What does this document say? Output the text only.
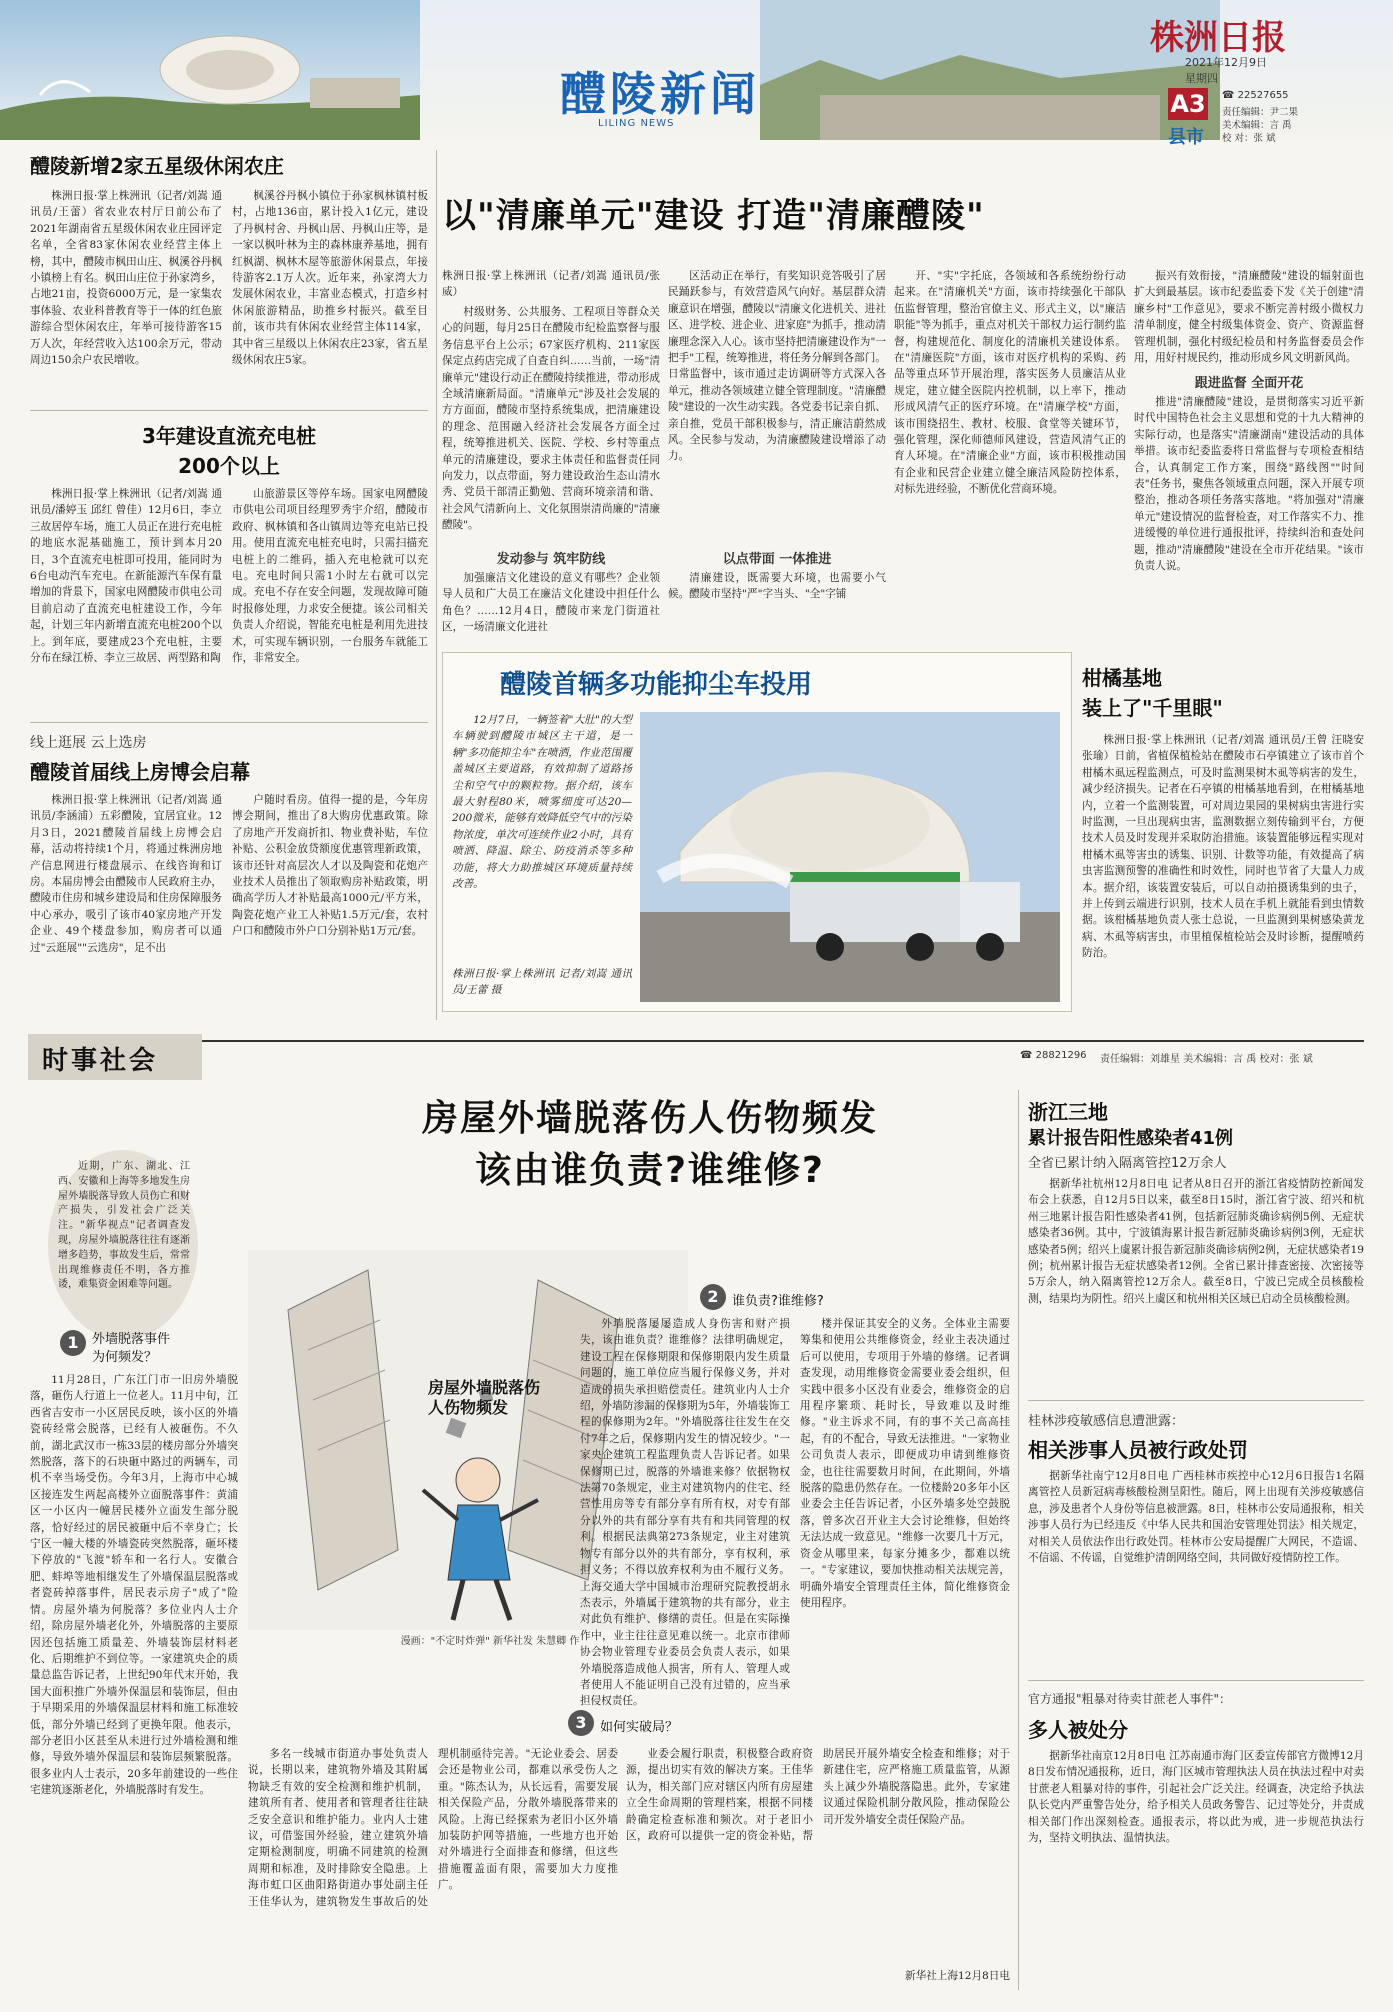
醴陵新闻
LILING NEWS
株洲日报
2021年12月9日
星期四
A3
县市
☎ 22527655
责任编辑：尹二果
美术编辑：言 禹
校 对：张 斌
醴陵新增2家五星级休闲农庄
株洲日报·掌上株洲讯（记者/刘嵩 通讯员/王蕾）省农业农村厅日前公布了2021年湖南省五星级休闲农业庄园评定名单，全省83家休闲农业经营主体上榜，其中，醴陵市枫田山庄、枫溪谷丹枫小镇榜上有名。枫田山庄位于孙家湾乡，占地21亩，投资6000万元，是一家集农事体验、农业科普教育等于一体的红色旅游综合型休闲农庄，年举可接待游客15万人次，年经营收入达100余万元，带动周边150余户农民增收。
枫溪谷丹枫小镇位于孙家枫林镇村板村，占地136亩，累计投入1亿元，建设了丹枫村舍、丹枫山居、丹枫山庄等，是一家以枫叶林为主的森林康养基地，拥有红枫湖、枫林木屋等旅游休闲景点，年接待游客2.1万人次。近年来，孙家湾大力发展休闲农业，丰富业态模式，打造乡村休闲旅游精品，助推乡村振兴。截至目前，该市共有休闲农业经营主体114家，其中省三星级以上休闲农庄23家，省五星级休闲农庄5家。
3年建设直流充电桩
200个以上
株洲日报·掌上株洲讯（记者/刘嵩 通讯员/潘婷玉 邱红 曾佳）12月6日，李立三故居停车场，施工人员正在进行充电桩的地底水泥基础施工，预计到本月20日，3个直流充电桩即可投用，能同时为6台电动汽车充电。在新能源汽车保有量增加的背景下，国家电网醴陵市供电公司目前启动了直流充电桩建设工作，今年起，计划三年内新增直流充电桩200个以上。到年底，要建成23个充电桩，主要分布在绿江桥、李立三故居、两型路和陶
山旅游景区等停车场。国家电网醴陵市供电公司项目经理罗秀宇介绍，醴陵市政府、枫林镇和各山镇周边等充电站已投用。使用直流充电桩充电时，只需扫描充电桩上的二维码，插入充电枪就可以充电。充电时间只需1小时左右就可以完成。充电不存在安全问题，发现故障可随时报修处理，力求安全便捷。该公司相关负责人介绍说，智能充电桩是利用先进技术，可实现车辆识别，一台服务车就能工作，非常安全。
线上逛展 云上选房
醴陵首届线上房博会启幕
株洲日报·掌上株洲讯（记者/刘嵩 通讯员/李涵浦）五彩醴陵，宜居宜业。12月3日，2021醴陵首届线上房博会启幕，活动将持续1个月，将通过株洲房地产信息网进行楼盘展示、在线咨询和订房。本届房博会由醴陵市人民政府主办，醴陵市住房和城乡建设局和住房保障服务中心承办，吸引了该市40家房地产开发企业、49个楼盘参加，购房者可以通过"云逛展""云选房"，足不出
户随时看房。值得一提的是，今年房博会期间，推出了8大购房优惠政策。除了房地产开发商折扣、物业费补贴，车位补贴、公积金放贷额度优惠管理新政策，该市还针对高层次人才以及陶瓷和花炮产业技术人员推出了领取购房补贴政策，明确高学历人才补贴最高1000元/平方米，陶瓷花炮产业工人补贴1.5万元/套，农村户口和醴陵市外户口分别补贴1万元/套。
以"清廉单元"建设 打造"清廉醴陵"
株洲日报·掌上株洲讯（记者/刘嵩 通讯员/张威）
村级财务、公共服务、工程项目等群众关心的问题，每月25日在醴陵市纪检监察督与服务信息平台上公示；67家医疗机构、211家医保定点药店完成了自查自纠……当前，一场"清廉单元"建设行动正在醴陵持续推进，带动形成全域清廉新局面。"清廉单元"涉及社会发展的方方面面，醴陵市坚持系统集成，把清廉建设的理念、范围融入经济社会发展各方面全过程，统筹推进机关、医院、学校、乡村等重点单元的清廉建设，要求主体责任和监督责任同向发力，以点带面，努力建设政治生态山清水秀、党员干部清正勤勉、营商环境亲清和谐、社会风气清新向上、文化氛围崇清尚廉的"清廉醴陵"。
发动参与 筑牢防线
加强廉洁文化建设的意义有哪些？企业领导人员和广大员工在廉洁文化建设中担任什么角色？……12月4日，醴陵市来龙门街道社区，一场清廉文化进社
区活动正在举行，有奖知识竞答吸引了居民踊跃参与，有效营造风气向好。基层群众清廉意识在增强，醴陵以"清廉文化进机关、进社区、进学校、进企业、进家庭"为抓手，推动清廉理念深入人心。该市坚持把清廉建设作为"一把手"工程，统筹推进，将任务分解到各部门。日常监督中，该市通过走访调研等方式深入各单元，推动各领域建立健全管理制度。"清廉醴陵"建设的一次生动实践。各党委书记亲自抓、亲自推，党员干部积极参与，清正廉洁蔚然成风。全民参与发动，为清廉醴陵建设增添了动力。
以点带面 一体推进
清廉建设，既需要大环境，也需要小气候。醴陵市坚持"严"字当头、"全"字铺
开、"实"字托底，各领域和各系统纷纷行动起来。在"清廉机关"方面，该市持续强化干部队伍监督管理，整治官僚主义、形式主义，以"廉洁职能"等为抓手，重点对机关干部权力运行制约监督，构建规范化、制度化的清廉机关建设体系。在"清廉医院"方面，该市对医疗机构的采购、药品等重点环节开展治理，落实医务人员廉洁从业规定，建立健全医院内控机制，以上率下，推动形成风清气正的医疗环境。在"清廉学校"方面，该市围绕招生、教材、校服、食堂等关键环节，强化管理，深化师德师风建设，营造风清气正的育人环境。在"清廉企业"方面，该市积极推动国有企业和民营企业建立健全廉洁风险防控体系，对标先进经验，不断优化营商环境。
振兴有效衔接，"清廉醴陵"建设的辐射面也扩大到最基层。该市纪委监委下发《关于创建"清廉乡村"工作意见》，要求不断完善村级小微权力清单制度，健全村级集体资金、资产、资源监督管理机制，强化村级纪检员和村务监督委员会作用，用好村规民约，推动形成乡风文明新风尚。
跟进监督 全面开花
推进"清廉醴陵"建设，是贯彻落实习近平新时代中国特色社会主义思想和党的十九大精神的实际行动，也是落实"清廉湖南"建设活动的具体举措。该市纪委监委将日常监督与专项检查相结合，认真制定工作方案，围绕"路线图""时间表"任务书，聚焦各领域重点问题，深入开展专项整治，推动各项任务落实落地。"将加强对"清廉单元"建设情况的监督检查，对工作落实不力、推进缓慢的单位进行通报批评，持续纠治和查处问题，推动"清廉醴陵"建设在全市开花结果。"该市负责人说。
醴陵首辆多功能抑尘车投用
12月7日，一辆签着"大肚"的大型车辆驶到醴陵市城区主干道，是一辆"多功能抑尘车"在喷洒，作业范围覆盖城区主要道路，有效抑制了道路扬尘和空气中的颗粒物。据介绍，该车最大射程80米，喷雾细度可达20—200微米，能够有效降低空气中的污染物浓度，单次可连续作业2小时，具有喷洒、降温、除尘、防疫消杀等多种功能，将大力助推城区环境质量持续改善。
株洲日报·掌上株洲讯 记者/刘嵩 通讯员/王蕾 摄
柑橘基地
装上了"千里眼"
株洲日报·掌上株洲讯（记者/刘嵩 通讯员/王曾 汪晓安 张瑜）日前，省植保植检站在醴陵市石亭镇建立了该市首个柑橘木虱远程监测点，可及时监测果树木虱等病害的发生，减少经济损失。记者在石亭镇的柑橘基地看到，在柑橘基地内，立着一个监测装置，可对周边果园的果树病虫害进行实时监测，一旦出现病虫害，监测数据立刻传输到平台，方便技术人员及时发现并采取防治措施。该装置能够远程实现对柑橘木虱等害虫的诱集、识别、计数等功能，有效提高了病虫害监测预警的准确性和时效性，同时也节省了大量人力成本。据介绍，该装置安装后，可以自动拍摄诱集到的虫子，并上传到云端进行识别，技术人员在手机上就能看到虫情数据。该柑橘基地负责人张士总说，一旦监测到果树感染黄龙病、木虱等病害虫，市里植保植检站会及时诊断，提醒喷药防治。
时事社会	☎ 28821296 责任编辑：刘雄星 美术编辑：言 禹 校对：张 斌
房屋外墙脱落伤人伤物频发
该由谁负责?谁维修?
近期，广东、湖北、江西、安徽和上海等多地发生房屋外墙脱落导致人员伤亡和财产损失，引发社会广泛关注。"新华视点"记者调查发现，房屋外墙脱落往往有逐渐增多趋势，事故发生后，常常出现维修责任不明，各方推诿，难集资金困难等问题。
1	外墙脱落事件
为何频发？
11月28日，广东江门市一旧房外墙脱落，砸伤人行道上一位老人。11月中旬，江西省吉安市一小区居民反映，该小区的外墙瓷砖经常会脱落，已经有人被砸伤。不久前，湖北武汉市一栋33层的楼房部分外墙突然脱落，落下的石块砸中路过的两辆车，司机不幸当场受伤。今年3月，上海市中心城区接连发生两起高楼外立面脱落事件：黄浦区一小区内一幢居民楼外立面发生部分脱落，恰好经过的居民被砸中后不幸身亡；长宁区一幢大楼的外墙瓷砖突然脱落，砸坏楼下停放的"飞渡"轿车和一名行人。安徽合肥、蚌埠等地相继发生了外墙保温层脱落或者瓷砖掉落事件，居民表示房子"成了"险情。房屋外墙为何脱落？多位业内人士介绍，除房屋外墙老化外，外墙脱落的主要原因还包括施工质量差、外墙装饰层材料老化、后期维护不到位等。一家建筑央企的质量总监告诉记者，上世纪90年代末开始，我国大面积推广外墙外保温层和装饰层，但由于早期采用的外墙保温层材料和施工标准较低，部分外墙已经到了更换年限。他表示，部分老旧小区甚至从未进行过外墙检测和维修，导致外墙外保温层和装饰层频繁脱落。很多业内人士表示，20多年前建设的一些住宅建筑逐渐老化，外墙脱落时有发生。
2	谁负责?谁维修?
房屋外墙脱落伤人伤物频发
漫画："不定时炸弹" 新华社发 朱慧卿 作
外墙脱落屡屡造成人身伤害和财产损失，该由谁负责？谁维修？法律明确规定，建设工程在保修期限和保修期限内发生质量问题的，施工单位应当履行保修义务，并对造成的损失承担赔偿责任。建筑业内人士介绍，外墙防渗漏的保修期为5年，外墙装饰工程的保修期为2年。"外墙脱落往往发生在交付7年之后，保修期内发生的情况较少。"一家央企建筑工程监理负责人告诉记者。如果保修期已过，脱落的外墙谁来修？依据物权法第70条规定，业主对建筑物内的住宅、经营性用房等专有部分享有所有权，对专有部分以外的共有部分享有共有和共同管理的权利。根据民法典第273条规定，业主对建筑物专有部分以外的共有部分，享有权利，承担义务；不得以放弃权利为由不履行义务。上海交通大学中国城市治理研究院教授胡永杰表示，外墙属于建筑物的共有部分，业主对此负有维护、修缮的责任。但是在实际操作中，业主往往意见难以统一。北京市律师协会物业管理专业委员会负责人表示，如果外墙脱落造成他人损害，所有人、管理人或者使用人不能证明自己没有过错的，应当承担侵权责任。
楼并保证其安全的义务。全体业主需要筹集和使用公共维修资金，经业主表决通过后可以使用，专项用于外墙的修缮。记者调查发现，动用维修资金需要业委会组织，但实践中很多小区没有业委会，维修资金的启用程序繁琐、耗时长，导致难以及时维修。"业主诉求不同，有的事不关己高高挂起，有的不配合，导致无法推进。"一家物业公司负责人表示，即便成功申请到维修资金，也往往需要数月时间，在此期间，外墙脱落的隐患仍然存在。一位楼龄20多年小区业委会主任告诉记者，小区外墙多处空鼓脱落，曾多次召开业主大会讨论维修，但始终无法达成一致意见。"维修一次要几十万元，资金从哪里来，每家分摊多少，都难以统一。"专家建议，要加快推动相关法规完善，明确外墙安全管理责任主体，简化维修资金使用程序。
3	如何实破局？
多名一线城市街道办事处负责人说，长期以来，建筑物外墙及其附属物缺乏有效的安全检测和维护机制，建筑所有者、使用者和管理者往往缺乏安全意识和维护能力。业内人士建议，可借鉴国外经验，建立建筑外墙定期检测制度，明确不同建筑的检测周期和标准，及时排除安全隐患。上海市虹口区曲阳路街道办事处副主任王佳华认为，建筑物发生事故后的处理机制亟待完善。"无论业委会、居委会还是物业公司，都难以承受伤人之重。"陈杰认为，从长远看，需要发展相关保险产品，分散外墙脱落带来的风险。上海已经探索为老旧小区外墙加装防护网等措施，一些地方也开始对外墙进行全面排查和修缮，但这些措施覆盖面有限，需要加大力度推广。
业委会履行职责，积极整合政府资源，提出切实有效的解决方案。王佳华认为，相关部门应对辖区内所有房屋建立全生命周期的管理档案，根据不同楼龄确定检查标准和频次。对于老旧小区，政府可以提供一定的资金补贴，帮助居民开展外墙安全检查和维修；对于新建住宅，应严格施工质量监管，从源头上减少外墙脱落隐患。此外，专家建议通过保险机制分散风险，推动保险公司开发外墙安全责任保险产品。
新华社上海12月8日电
浙江三地
累计报告阳性感染者41例
全省已累计纳入隔离管控12万余人
据新华社杭州12月8日电 记者从8日召开的浙江省疫情防控新闻发布会上获悉，自12月5日以来，截至8日15时，浙江省宁波、绍兴和杭州三地累计报告阳性感染者41例，包括新冠肺炎确诊病例5例、无症状感染者36例。其中，宁波镇海累计报告新冠肺炎确诊病例3例，无症状感染者5例；绍兴上虞累计报告新冠肺炎确诊病例2例，无症状感染者19例；杭州累计报告无症状感染者12例。全省已累计排查密接、次密接等5万余人，纳入隔离管控12万余人。截至8日，宁波已完成全员核酸检测，结果均为阴性。绍兴上虞区和杭州相关区域已启动全员核酸检测。
桂林涉疫敏感信息遭泄露：
相关涉事人员被行政处罚
据新华社南宁12月8日电 广西桂林市疾控中心12月6日报告1名隔离管控人员新冠病毒核酸检测呈阳性。随后，网上出现有关涉疫敏感信息，涉及患者个人身份等信息被泄露。8日，桂林市公安局通报称，相关涉事人员行为已经违反《中华人民共和国治安管理处罚法》相关规定，对相关人员依法作出行政处罚。桂林市公安局提醒广大网民，不造谣、不信谣、不传谣，自觉维护清朗网络空间，共同做好疫情防控工作。
官方通报"粗暴对待卖甘蔗老人事件"：
多人被处分
据新华社南京12月8日电 江苏南通市海门区委宣传部官方微博12月8日发布情况通报称，近日，海门区城市管理执法人员在执法过程中对卖甘蔗老人粗暴对待的事件，引起社会广泛关注。经调查，决定给予执法队长党内严重警告处分，给予相关人员政务警告、记过等处分，并责成相关部门作出深刻检查。通报表示，将以此为戒，进一步规范执法行为，坚持文明执法、温情执法。
